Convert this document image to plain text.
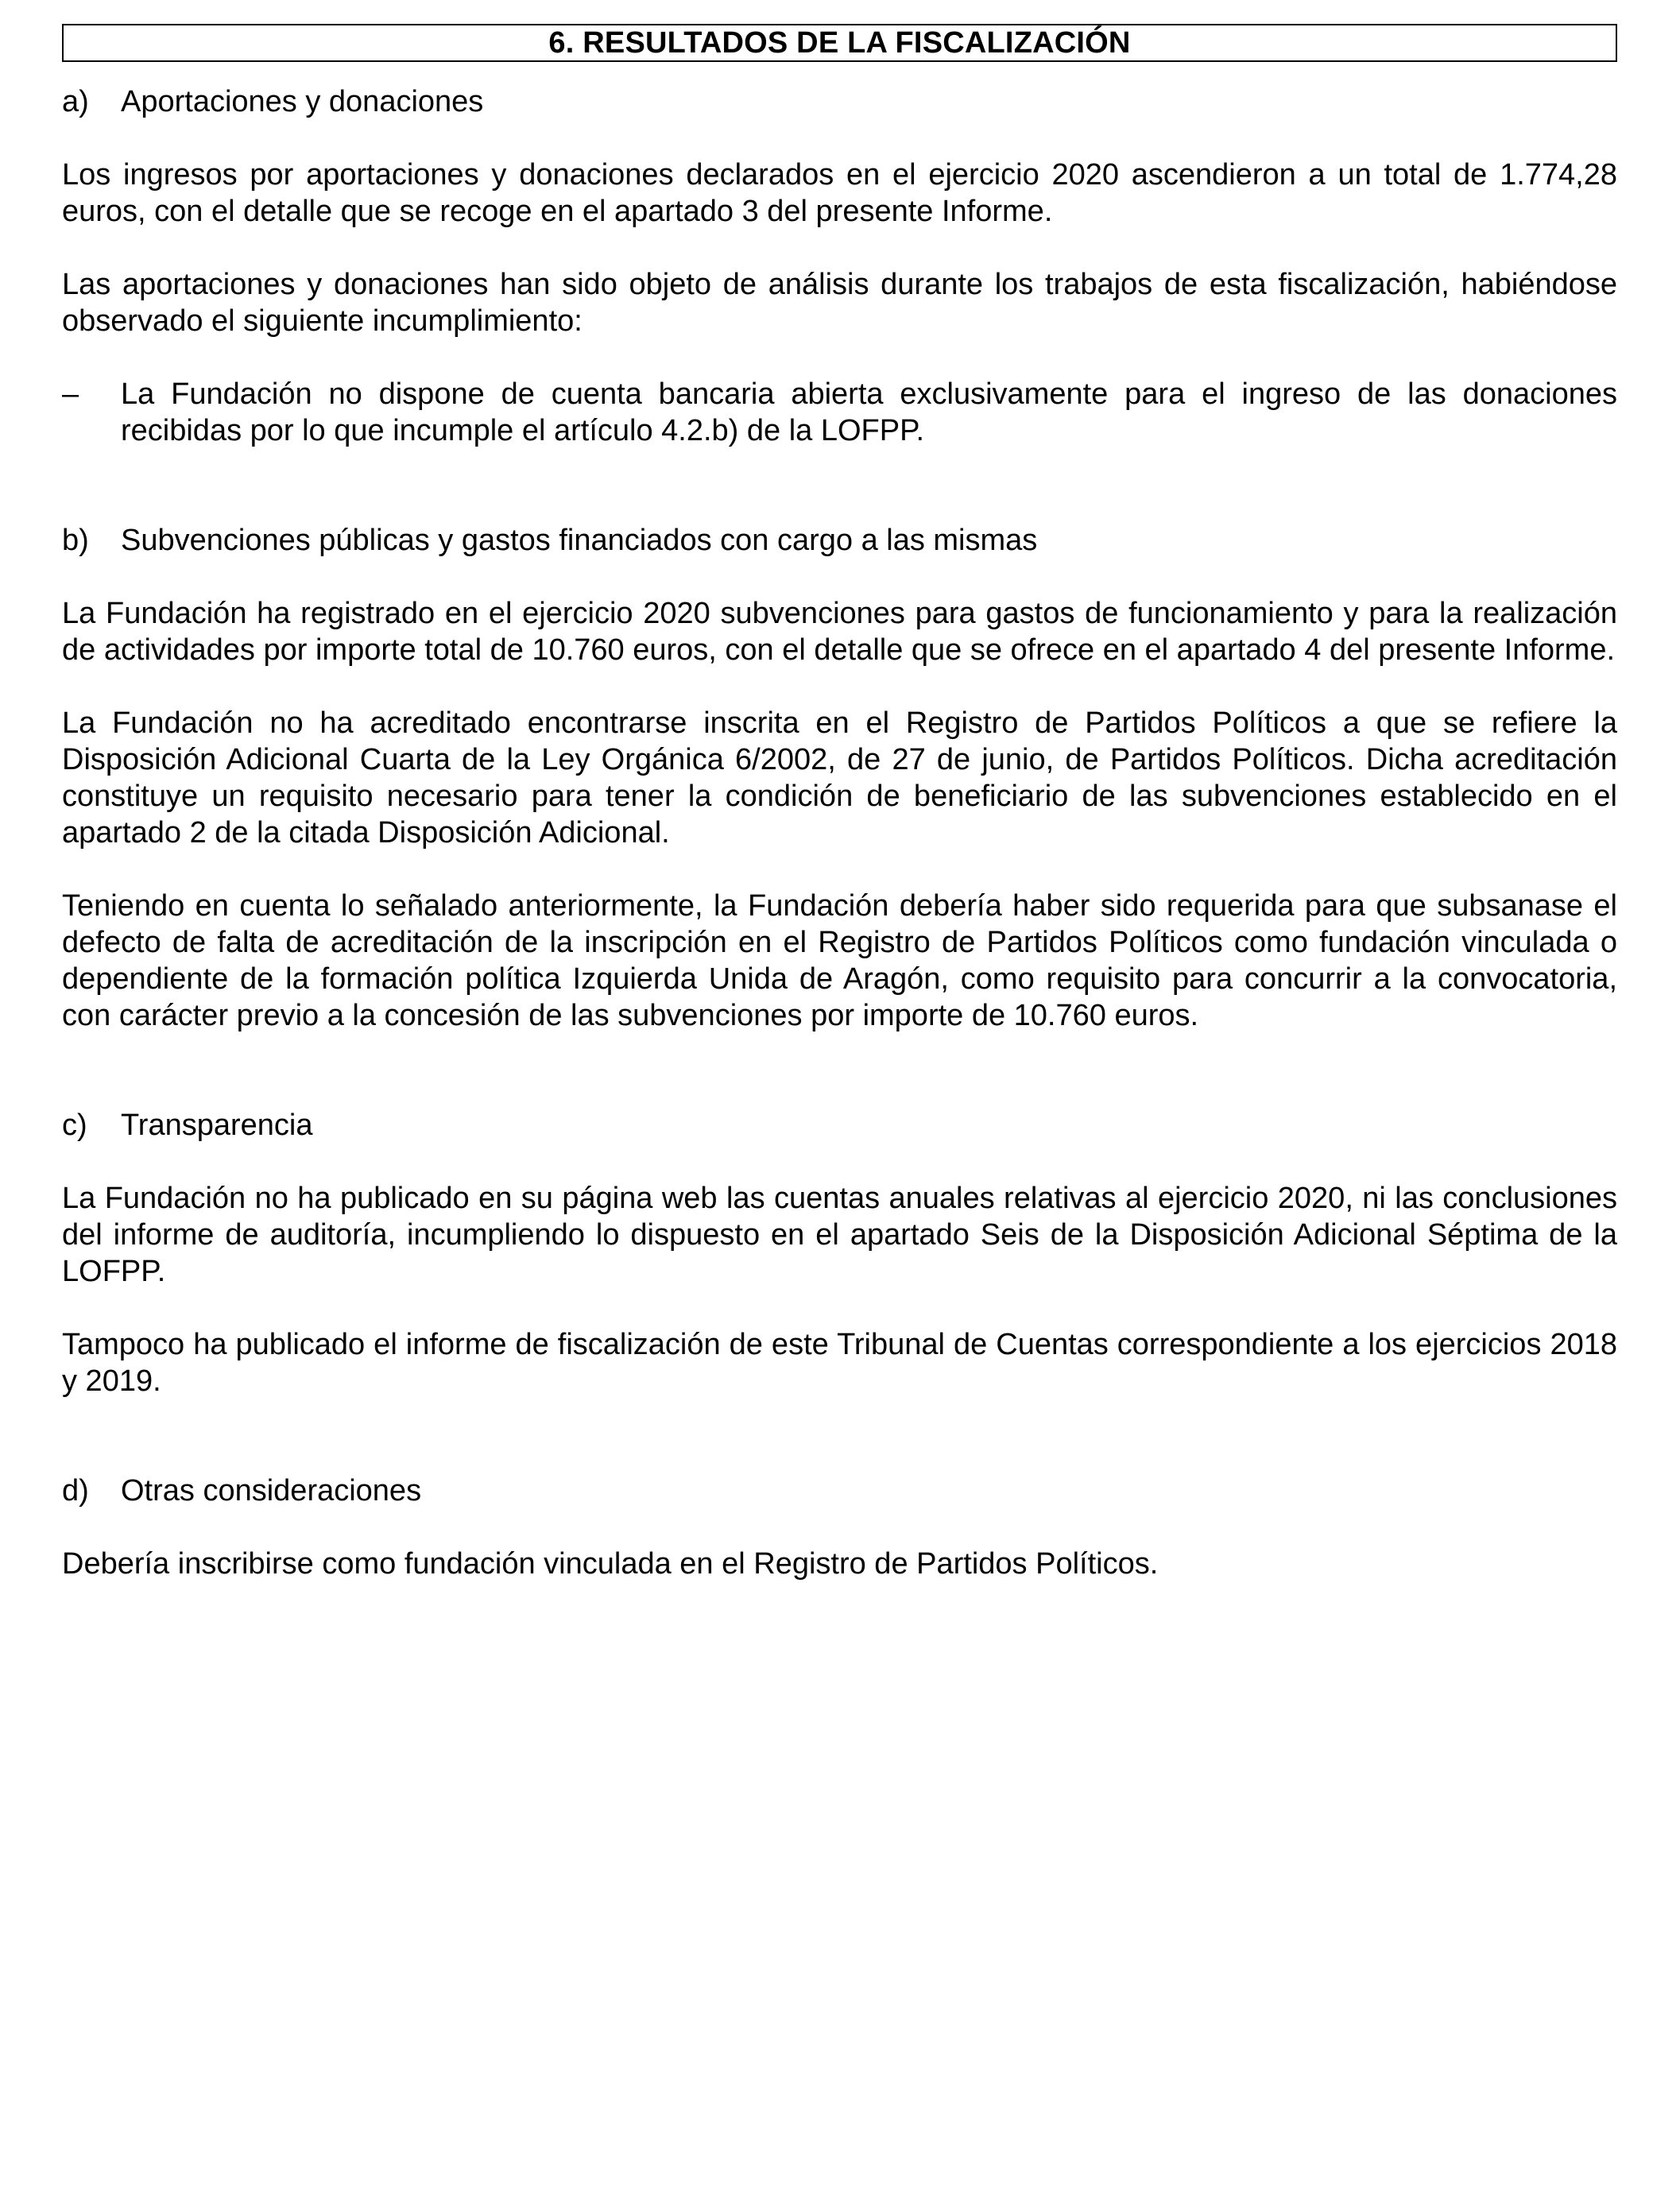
6. RESULTADOS DE LA FISCALIZACIÓN
a)	Aportaciones y donaciones

Los ingresos por aportaciones y donaciones declarados en el ejercicio 2020 ascendieron a un total de 1.774,28 euros, con el detalle que se recoge en el apartado 3 del presente Informe.

Las aportaciones y donaciones han sido objeto de análisis durante los trabajos de esta fiscalización, habiéndose observado el siguiente incumplimiento:

–	La Fundación no dispone de cuenta bancaria abierta exclusivamente para el ingreso de las donaciones recibidas por lo que incumple el artículo 4.2.b) de la LOFPP.
b)	Subvenciones públicas y gastos financiados con cargo a las mismas

La Fundación ha registrado en el ejercicio 2020 subvenciones para gastos de funcionamiento y para la realización de actividades por importe total de 10.760 euros, con el detalle que se ofrece en el apartado 4 del presente Informe.

La Fundación no ha acreditado encontrarse inscrita en el Registro de Partidos Políticos a que se refiere la Disposición Adicional Cuarta de la Ley Orgánica 6/2002, de 27 de junio, de Partidos Políticos. Dicha acreditación constituye un requisito necesario para tener la condición de beneficiario de las subvenciones establecido en el apartado 2 de la citada Disposición Adicional.

Teniendo en cuenta lo señalado anteriormente, la Fundación debería haber sido requerida para que subsanase el defecto de falta de acreditación de la inscripción en el Registro de Partidos Políticos como fundación vinculada o dependiente de la formación política Izquierda Unida de Aragón, como requisito para concurrir a la convocatoria, con carácter previo a la concesión de las subvenciones por importe de 10.760 euros.

c)	Transparencia

La Fundación no ha publicado en su página web las cuentas anuales relativas al ejercicio 2020, ni las conclusiones del informe de auditoría, incumpliendo lo dispuesto en el apartado Seis de la Disposición Adicional Séptima de la LOFPP.

Tampoco ha publicado el informe de fiscalización de este Tribunal de Cuentas correspondiente a los ejercicios 2018 y 2019.

d)	Otras consideraciones

Debería inscribirse como fundación vinculada en el Registro de Partidos Políticos.
